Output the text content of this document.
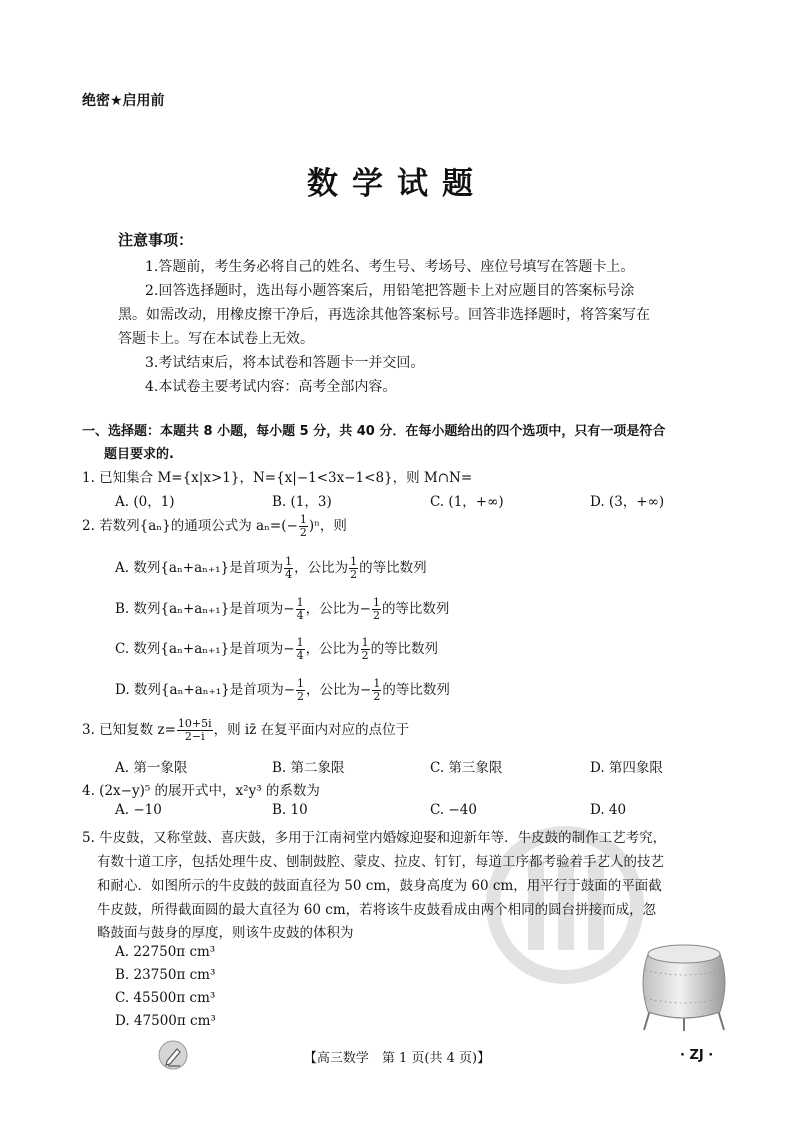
绝密★启用前
数学试题
注意事项：
1.答题前，考生务必将自己的姓名、考生号、考场号、座位号填写在答题卡上。
2.回答选择题时，选出每小题答案后，用铅笔把答题卡上对应题目的答案标号涂
黑。如需改动，用橡皮擦干净后，再选涂其他答案标号。回答非选择题时，将答案写在
答题卡上。写在本试卷上无效。
3.考试结束后，将本试卷和答题卡一并交回。
4.本试卷主要考试内容：高考全部内容。
一、选择题：本题共 8 小题，每小题 5 分，共 40 分．在每小题给出的四个选项中，只有一项是符合
题目要求的.
1. 已知集合 M={x|x>1}，N={x|−1<3x−1<8}，则 M∩N=
A. (0，1)	B. (1，3)	C. (1，+∞)	D. (3，+∞)
2. 若数列{aₙ}的通项公式为 $a_n=(- \frac{1}{2} )^n$，则
A. 数列{aₙ+aₙ₊₁}是首项为 $\frac{1}{4}$ ，公比为 $\frac{1}{2}$ 的等比数列
B. 数列{aₙ+aₙ₊₁}是首项为− $\frac{1}{4}$ ，公比为− $\frac{1}{2}$ 的等比数列
C. 数列{aₙ+aₙ₊₁}是首项为− $\frac{1}{4}$ ，公比为 $\frac{1}{2}$ 的等比数列
D. 数列{aₙ+aₙ₊₁}是首项为− $\frac{1}{2}$ ，公比为− $\frac{1}{2}$ 的等比数列
3. 已知复数 $z= \frac{10+5i}{2-i}$ ，则 iz̄ 在复平面内对应的点位于
A. 第一象限	B. 第二象限	C. 第三象限	D. 第四象限
4. (2x−y)⁵ 的展开式中，x²y³ 的系数为
A. −10	B. 10	C. −40	D. 40
5. 牛皮鼓，又称堂鼓、喜庆鼓，多用于江南祠堂内婚嫁迎娶和迎新年等．牛皮鼓的制作工艺考究，
有数十道工序，包括处理牛皮、刨制鼓腔、蒙皮、拉皮、钉钉，每道工序都考验着手艺人的技艺
和耐心．如图所示的牛皮鼓的鼓面直径为 50 cm，鼓身高度为 60 cm，用平行于鼓面的平面截
牛皮鼓，所得截面圆的最大直径为 60 cm，若将该牛皮鼓看成由两个相同的圆台拼接而成，忽
略鼓面与鼓身的厚度，则该牛皮鼓的体积为
A. 22750π cm³
B. 23750π cm³
C. 45500π cm³
D. 47500π cm³
【高三数学　第 1 页(共 4 页)】	· ZJ ·
